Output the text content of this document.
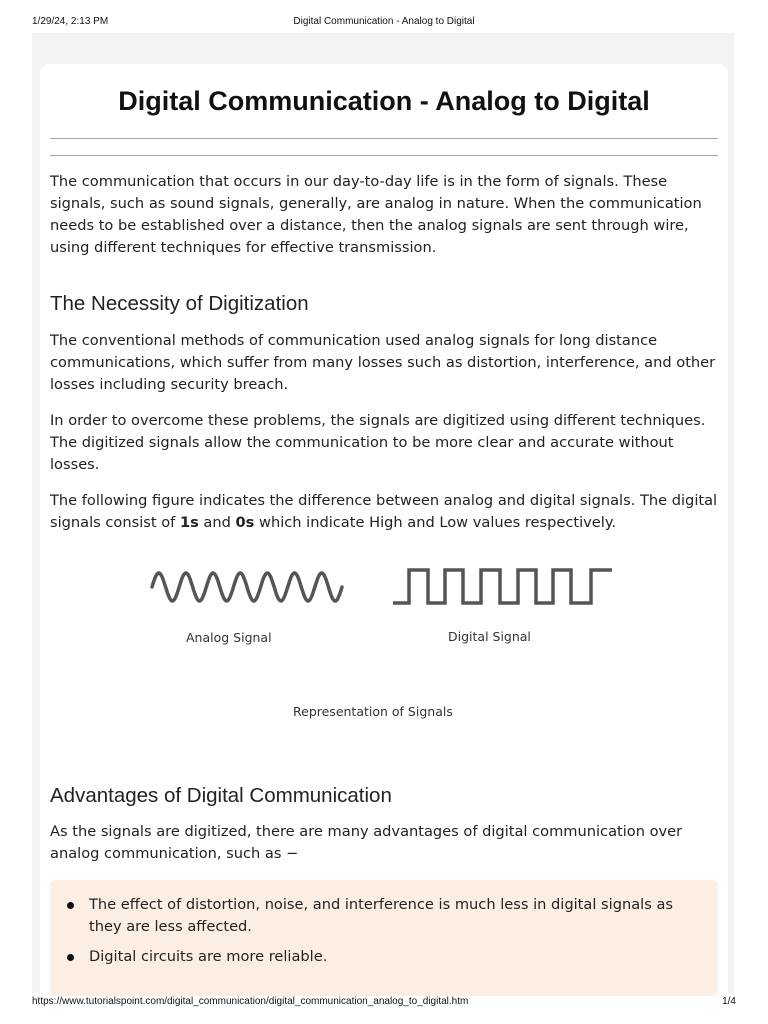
1/29/24, 2:13 PM	Digital Communication - Analog to Digital
Digital Communication - Analog to Digital

The communication that occurs in our day-to-day life is in the form of signals. These signals, such as sound signals, generally, are analog in nature. When the communication needs to be established over a distance, then the analog signals are sent through wire, using different techniques for effective transmission.

The Necessity of Digitization

The conventional methods of communication used analog signals for long distance communications, which suffer from many losses such as distortion, interference, and other losses including security breach.

In order to overcome these problems, the signals are digitized using different techniques. The digitized signals allow the communication to be more clear and accurate without losses.

The following figure indicates the difference between analog and digital signals. The digital signals consist of 1s and 0s which indicate High and Low values respectively.

Analog Signal	Digital Signal
Representation of Signals
Advantages of Digital Communication

As the signals are digitized, there are many advantages of digital communication over analog communication, such as −

The effect of distortion, noise, and interference is much less in digital signals as they are less affected.
Digital circuits are more reliable.
https://www.tutorialspoint.com/digital_communication/digital_communication_analog_to_digital.htm	1/4
